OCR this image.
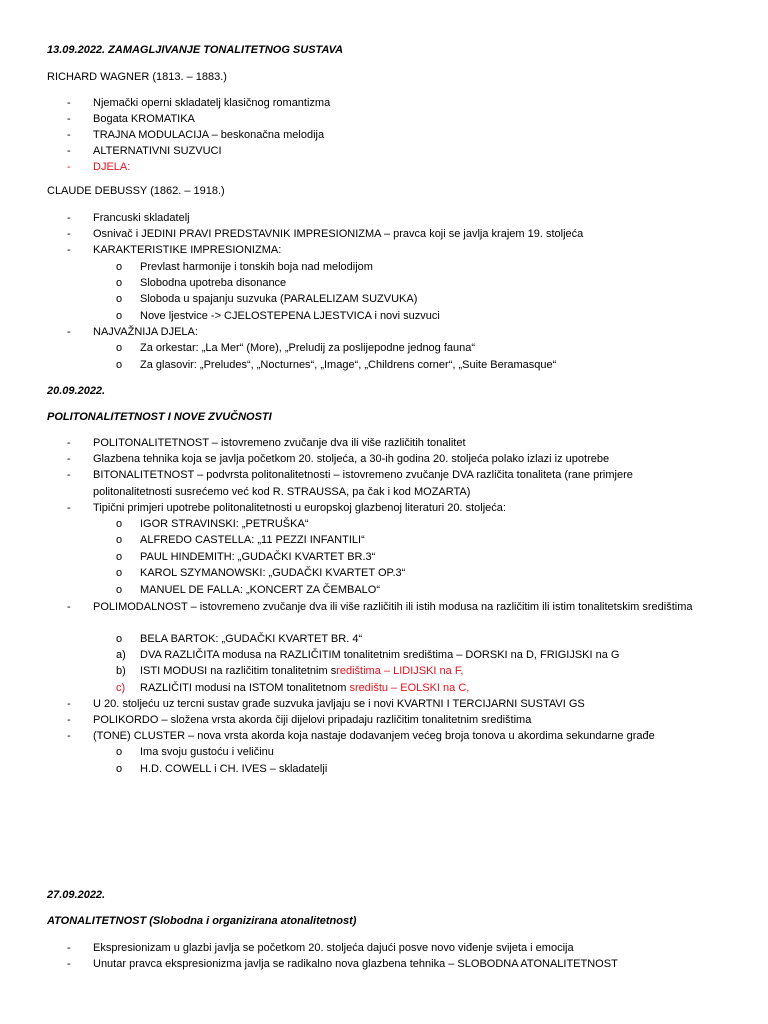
13.09.2022. ZAMAGLJIVANJE TONALITETNOG SUSTAVA
RICHARD WAGNER (1813. – 1883.)
- Njemački operni skladatelj klasičnog romantizma
- Bogata KROMATIKA
- TRAJNA MODULACIJA – beskonačna melodija
- ALTERNATIVNI SUZVUCI
- DJELA:
CLAUDE DEBUSSY (1862. – 1918.)
- Francuski skladatelj
- Osnivač i JEDINI PRAVI PREDSTAVNIK IMPRESIONIZMA – pravca koji se javlja krajem 19. stoljeća
- KARAKTERISTIKE IMPRESIONIZMA:
o Prevlast harmonije i tonskih boja nad melodijom
o Slobodna upotreba disonance
o Sloboda u spajanju suzvuka (PARALELIZAM SUZVUKA)
o Nove ljestvice -> CJELOSTEPENA LJESTVICA i novi suzvuci
- NAJVAŽNIJA DJELA:
o Za orkestar: „La Mer“ (More), „Preludij za poslijepodne jednog fauna“
o Za glasovir: „Preludes“, „Nocturnes“, „Image“, „Childrens corner“, „Suite Beramasque“
20.09.2022.
POLITONALITETNOST I NOVE ZVUČNOSTI
- POLITONALITETNOST – istovremeno zvučanje dva ili više različitih tonalitet
- Glazbena tehnika koja se javlja početkom 20. stoljeća, a 30-ih godina 20. stoljeća polako izlazi iz upotrebe
- BITONALITETNOST – podvrsta politonalitetnosti – istovremeno zvučanje DVA različita tonaliteta (rane primjere politonalitetnosti susrećemo već kod R. STRAUSSA, pa čak i kod MOZARTA)
- Tipični primjeri upotrebe politonalitetnosti u europskoj glazbenoj literaturi 20. stoljeća:
o IGOR STRAVINSKI: „PETRUŠKA“
o ALFREDO CASTELLA: „11 PEZZI INFANTILI“
o PAUL HINDEMITH: „GUDAČKI KVARTET BR.3“
o KAROL SZYMANOWSKI: „GUDAČKI KVARTET OP.3“
o MANUEL DE FALLA: „KONCERT ZA ČEMBALO“
- POLIMODALNOST – istovremeno zvučanje dva ili više različitih ili istih modusa na različitim ili istim tonalitetskim središtima
o BELA BARTOK: „GUDAČKI KVARTET BR. 4“
a) DVA RAZLIČITA modusa na RAZLIČITIM tonalitetnim središtima – DORSKI na D, FRIGIJSKI na G
b) ISTI MODUSI na različitim tonalitetnim središtima – LIDIJSKI na F,
c) RAZLIČITI modusi na ISTOM tonalitetnom središtu – EOLSKI na C,
- U 20. stoljeću uz tercni sustav građe suzvuka javljaju se i novi KVARTNI I TERCIJARNI SUSTAVI GS
- POLIKORDO – složena vrsta akorda čiji dijelovi pripadaju različitim tonalitetnim središtima
- (TONE) CLUSTER – nova vrsta akorda koja nastaje dodavanjem većeg broja tonova u akordima sekundarne građe
o Ima svoju gustoću i veličinu
o H.D. COWELL i CH. IVES – skladatelji
27.09.2022.
ATONALITETNOST (Slobodna i organizirana atonalitetnost)
- Ekspresionizam u glazbi javlja se početkom 20. stoljeća dajući posve novo viđenje svijeta i emocija
- Unutar pravca ekspresionizma javlja se radikalno nova glazbena tehnika – SLOBODNA ATONALITETNOST
